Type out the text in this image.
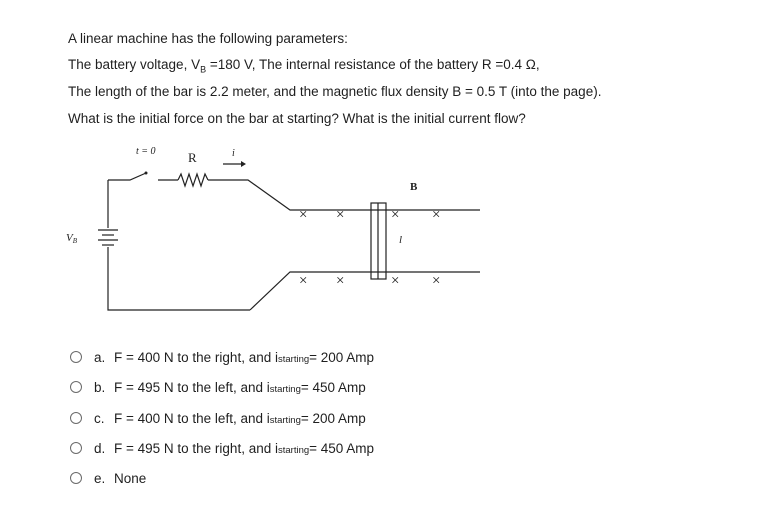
A linear machine has the following parameters:
The battery voltage, $V_B =180$ V, The internal resistance of the battery R =0.4 Ω,
The length of the bar is 2.2 meter, and the magnetic flux density B = 0.5 T (into the page).
What is the initial force on the bar at starting? What is the initial current flow?
t = 0 R	i
VB
B
l
× ×	× ×
× ×	× ×
a. F = 400 N to the right, and $i_{starting} = 200$ Amp
b. F = 495 N to the left, and $i_{starting} = 450$ Amp
c. F = 400 N to the left, and $i_{starting} = 200$ Amp
d. F = 495 N to the right, and $i_{starting} = 450$ Amp
e. None
